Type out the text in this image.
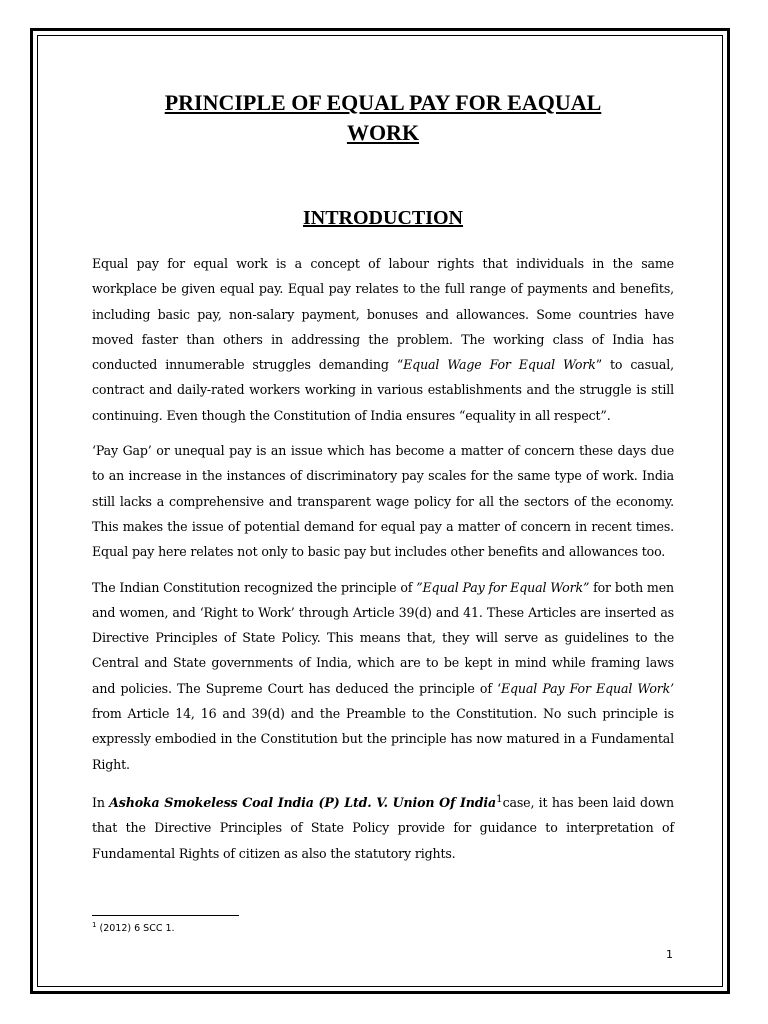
PRINCIPLE OF EQUAL PAY FOR EAQUAL
WORK

INTRODUCTION

Equal pay for equal work is a concept of labour rights that individuals in the same workplace be given equal pay. Equal pay relates to the full range of payments and benefits, including basic pay, non-salary payment, bonuses and allowances. Some countries have moved faster than others in addressing the problem. The working class of India has conducted innumerable struggles demanding “Equal Wage For Equal Work” to casual, contract and daily-rated workers working in various establishments and the struggle is still continuing. Even though the Constitution of India ensures “equality in all respect”.

‘Pay Gap’ or unequal pay is an issue which has become a matter of concern these days due to an increase in the instances of discriminatory pay scales for the same type of work. India still lacks a comprehensive and transparent wage policy for all the sectors of the economy. This makes the issue of potential demand for equal pay a matter of concern in recent times. Equal pay here relates not only to basic pay but includes other benefits and allowances too.

The Indian Constitution recognized the principle of ”Equal Pay for Equal Work” for both men and women, and ‘Right to Work’ through Article 39(d) and 41. These Articles are inserted as Directive Principles of State Policy. This means that, they will serve as guidelines to the Central and State governments of India, which are to be kept in mind while framing laws and policies. The Supreme Court has deduced the principle of ‘Equal Pay For Equal Work’ from Article 14, 16 and 39(d) and the Preamble to the Constitution. No such principle is expressly embodied in the Constitution but the principle has now matured in a Fundamental Right.

In Ashoka Smokeless Coal India (P) Ltd. V. Union Of India$^1$case, it has been laid down that the Directive Principles of State Policy provide for guidance to interpretation of Fundamental Rights of citizen as also the statutory rights.

$^1$ (2012) 6 SCC 1.
1
